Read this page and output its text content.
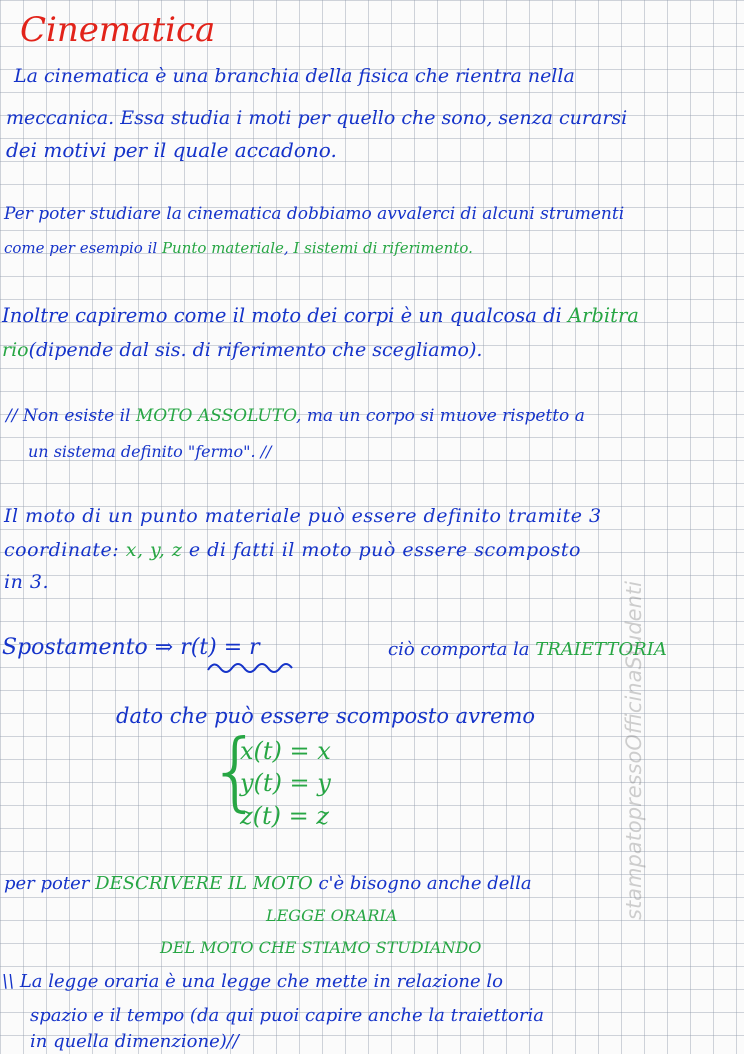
Cinematica
La cinematica è una branchia della fisica che rientra nella
meccanica. Essa studia i moti per quello che sono, senza curarsi
dei motivi per il quale accadono.
Per poter studiare la cinematica dobbiamo avvalerci di alcuni strumenti
come per esempio il Punto materiale, I sistemi di riferimento.
Inoltre capiremo come il moto dei corpi è un qualcosa di Arbitra
rio(dipende dal sis. di riferimento che scegliamo).
// Non esiste il MOTO ASSOLUTO, ma un corpo si muove rispetto a
un sistema definito "fermo". //
Il moto di un punto materiale può essere definito tramite 3
coordinate: x, y, z e di fatti il moto può essere scomposto
in 3.
Spostamento ⇒ r(t) = r	ciò comporta la TRAIETTORIA
dato che può essere scomposto avremo
{
x(t) = x
y(t) = y
z(t) = z
per poter DESCRIVERE IL MOTO c'è bisogno anche della
LEGGE ORARIA
DEL MOTO CHE STIAMO STUDIANDO
\\ La legge oraria è una legge che mette in relazione lo
spazio e il tempo (da qui puoi capire anche la traiettoria
in quella dimenzione)//
stampatopressoOfficinaStudenti
